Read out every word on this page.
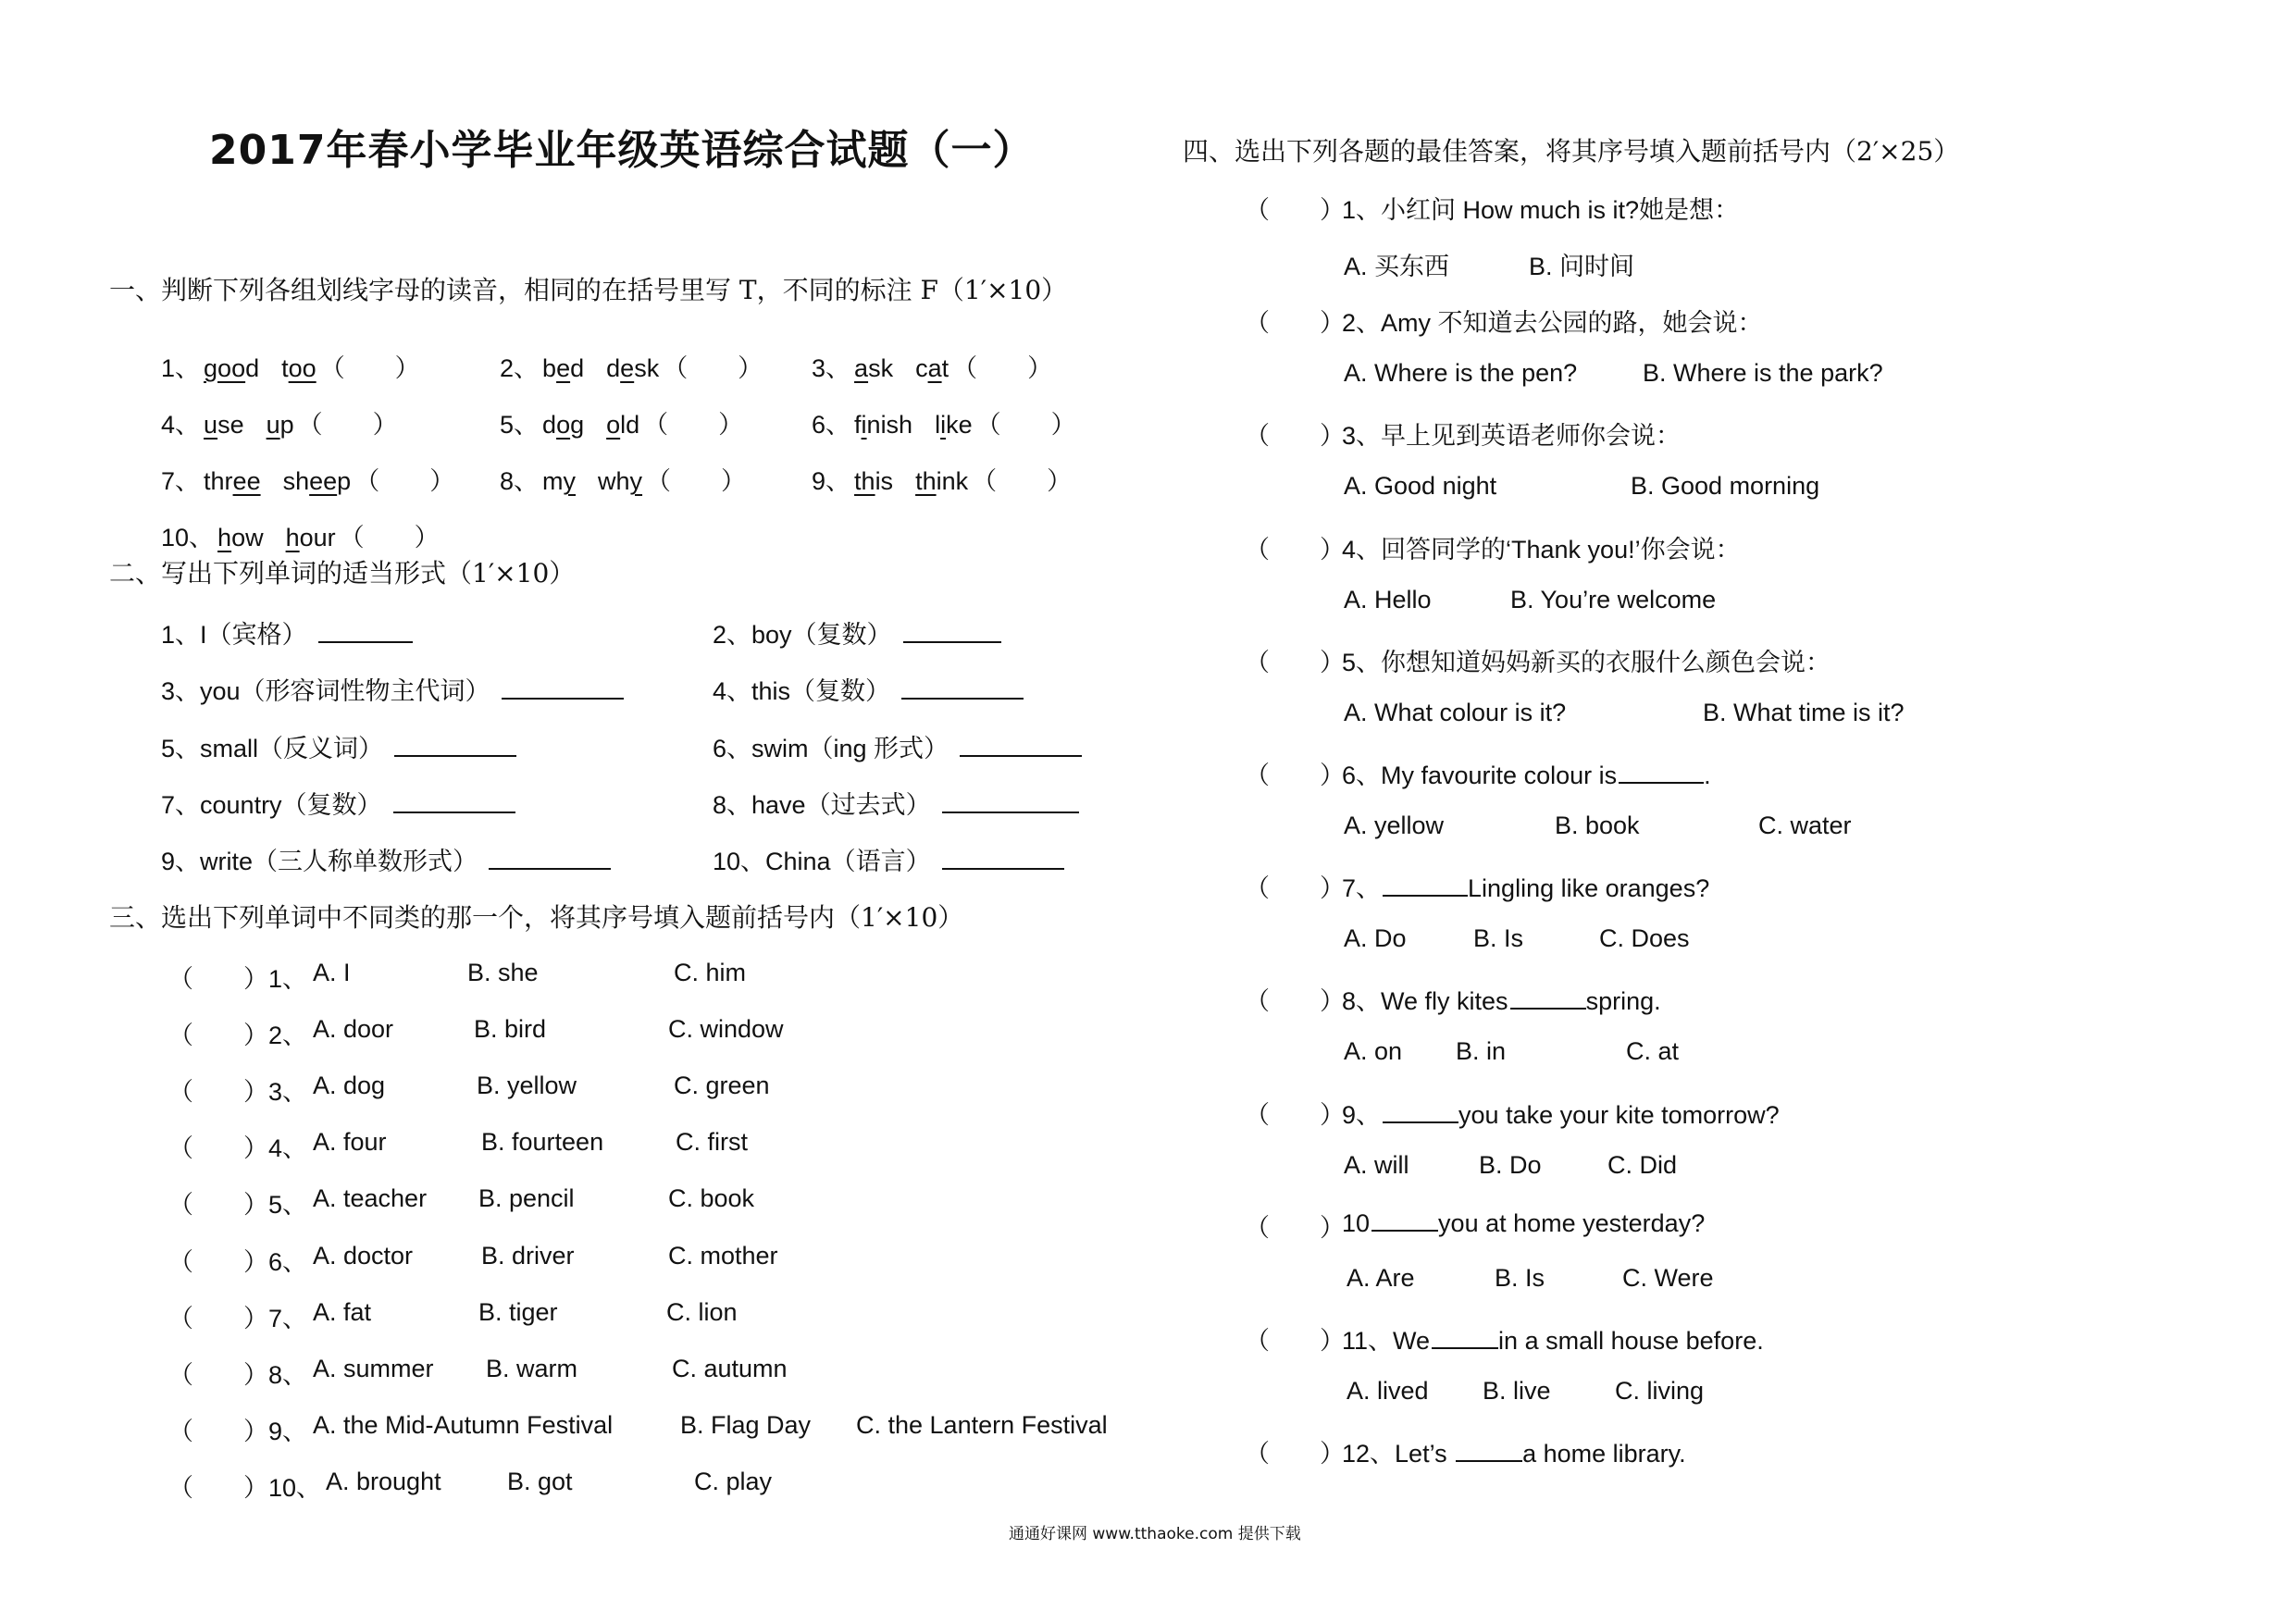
2017年春小学毕业年级英语综合试题（一）
一、判断下列各组划线字母的读音，相同的在括号里写 T，不同的标注 F（1′×10）
1、 good too （　　）	2、 bed desk （　　） 3、 ask cat （　　）
4、 use up （　　）	5、 dog old （　　）	6、 finish like （　　）
7、 three sheep （　　） 8、 my why （　　）	9、 this think （　　）
10、 how hour （　　）
二、写出下列单词的适当形式（1′×10）
1、I（宾格）	2、boy（复数）
3、you（形容词性物主代词）	4、this（复数）
5、small（反义词）	6、swim（ing 形式）
7、country（复数）	8、have（过去式）
9、write（三人称单数形式）	10、China（语言）
三、选出下列单词中不同类的那一个，将其序号填入题前括号内（1′×10）
（　　） 1、 A. I	B. she	C. him
（　　） 2、 A. door	B. bird	C. window
（　　） 3、 A. dog	B. yellow	C. green
（　　） 4、 A. four	B. fourteen	C. first
（　　） 5、 A. teacher B. pencil	C. book
（　　） 6、 A. doctor	B. driver	C. mother
（　　） 7、 A. fat	B. tiger	C. lion
（　　） 8、 A. summer B. warm	C. autumn
（　　） 9、 A. the Mid-Autumn Festival	B. Flag Day C. the Lantern Festival
（　　） 10、 A. brought	B. got	C. play
四、选出下列各题的最佳答案，将其序号填入题前括号内（2′×25）
（　　）
1、小红问 How much is it?她是想：
A. 买东西	B. 问时间
（　　）
2、Amy 不知道去公园的路，她会说：
A. Where is the pen?	B. Where is the park?
（　　）
3、早上见到英语老师你会说：
A. Good night	B. Good morning
（　　）
4、回答同学的‘Thank you!’你会说：
A. Hello	B. You’re welcome
（　　）
5、你想知道妈妈新买的衣服什么颜色会说：
A. What colour is it?	B. What time is it?
（　　）
6、My favourite colour is	.
A. yellow	B. book	C. water
（　　）
7、	Lingling like oranges?
A. Do	B. Is	C. Does
（　　）
8、We fly kites	spring.
A. on B. in	C. at
（　　）
9、	you take your kite tomorrow?
A. will	B. Do	C. Did
（　　）
10	you at home yesterday?
A. Are	B. Is	C. Were
（　　）
11、We	in a small house before.
A. lived B. live	C. living
（　　）
12、Let’s	a home library.
通通好课网 www.tthaoke.com 提供下载
